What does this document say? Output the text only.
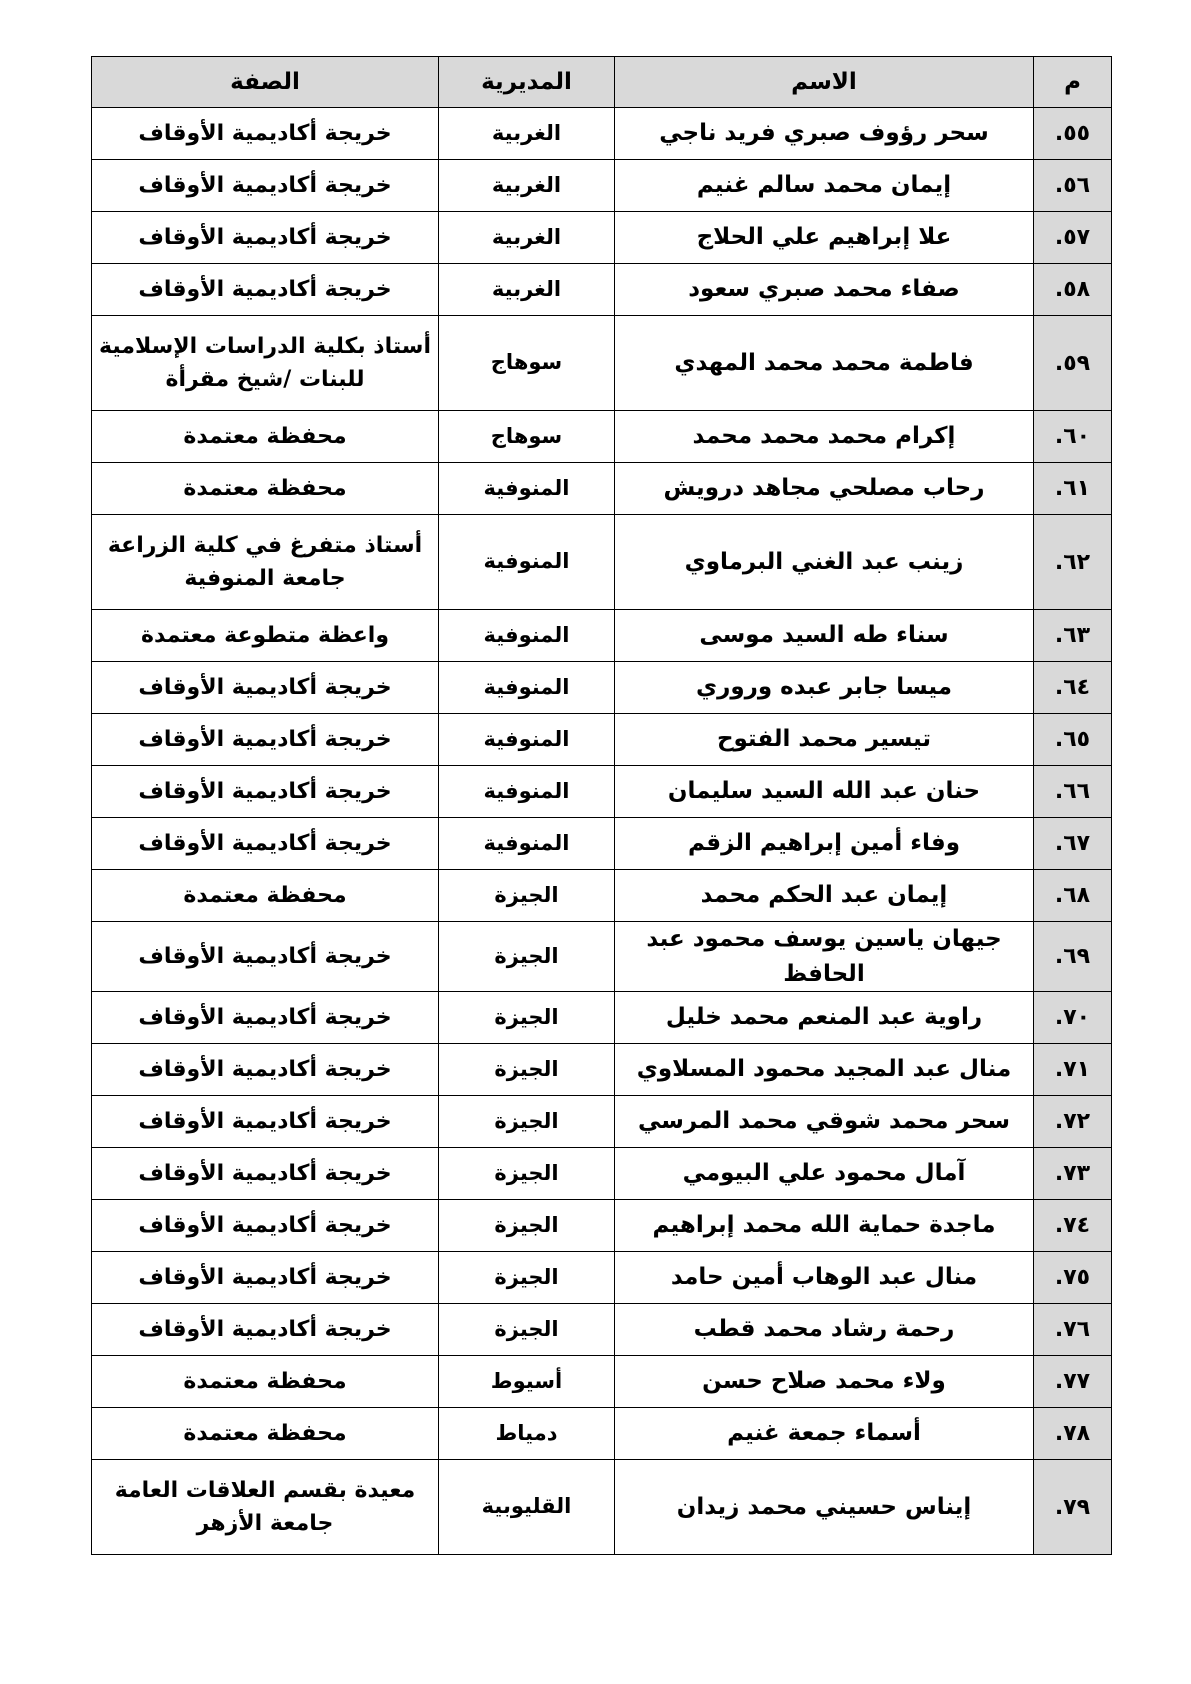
م	الاسم	المديرية	الصفة
٥٥.	سحر رؤوف صبري فريد ناجي	الغربية	خريجة أكاديمية الأوقاف
٥٦.	إيمان محمد سالم غنيم	الغربية	خريجة أكاديمية الأوقاف
٥٧.	علا إبراهيم علي الحلاج	الغربية	خريجة أكاديمية الأوقاف
٥٨.	صفاء محمد صبري سعود	الغربية	خريجة أكاديمية الأوقاف
٥٩.	فاطمة محمد محمد المهدي	سوهاج	أستاذ بكلية الدراسات الإسلامية للبنات /شيخ مقرأة
٦٠.	إكرام محمد محمد محمد	سوهاج	محفظة معتمدة
٦١.	رحاب مصلحي مجاهد درويش	المنوفية	محفظة معتمدة
٦٢.	زينب عبد الغني البرماوي	المنوفية	أستاذ متفرغ في كلية الزراعة جامعة المنوفية
٦٣.	سناء طه السيد موسى	المنوفية	واعظة متطوعة معتمدة
٦٤.	ميسا جابر عبده وروري	المنوفية	خريجة أكاديمية الأوقاف
٦٥.	تيسير محمد الفتوح	المنوفية	خريجة أكاديمية الأوقاف
٦٦.	حنان عبد الله السيد سليمان	المنوفية	خريجة أكاديمية الأوقاف
٦٧.	وفاء أمين إبراهيم الزقم	المنوفية	خريجة أكاديمية الأوقاف
٦٨.	إيمان عبد الحكم محمد	الجيزة	محفظة معتمدة
٦٩.	جيهان ياسين يوسف محمود عبد الحافظ	الجيزة	خريجة أكاديمية الأوقاف
٧٠.	راوية عبد المنعم محمد خليل	الجيزة	خريجة أكاديمية الأوقاف
٧١.	منال عبد المجيد محمود المسلاوي	الجيزة	خريجة أكاديمية الأوقاف
٧٢.	سحر محمد شوقي محمد المرسي	الجيزة	خريجة أكاديمية الأوقاف
٧٣.	آمال محمود علي البيومي	الجيزة	خريجة أكاديمية الأوقاف
٧٤.	ماجدة حماية الله محمد إبراهيم	الجيزة	خريجة أكاديمية الأوقاف
٧٥.	منال عبد الوهاب أمين حامد	الجيزة	خريجة أكاديمية الأوقاف
٧٦.	رحمة رشاد محمد قطب	الجيزة	خريجة أكاديمية الأوقاف
٧٧.	ولاء محمد صلاح حسن	أسيوط	محفظة معتمدة
٧٨.	أسماء جمعة غنيم	دمياط	محفظة معتمدة
٧٩.	إيناس حسيني محمد زيدان	القليوبية	معيدة بقسم العلاقات العامة جامعة الأزهر
